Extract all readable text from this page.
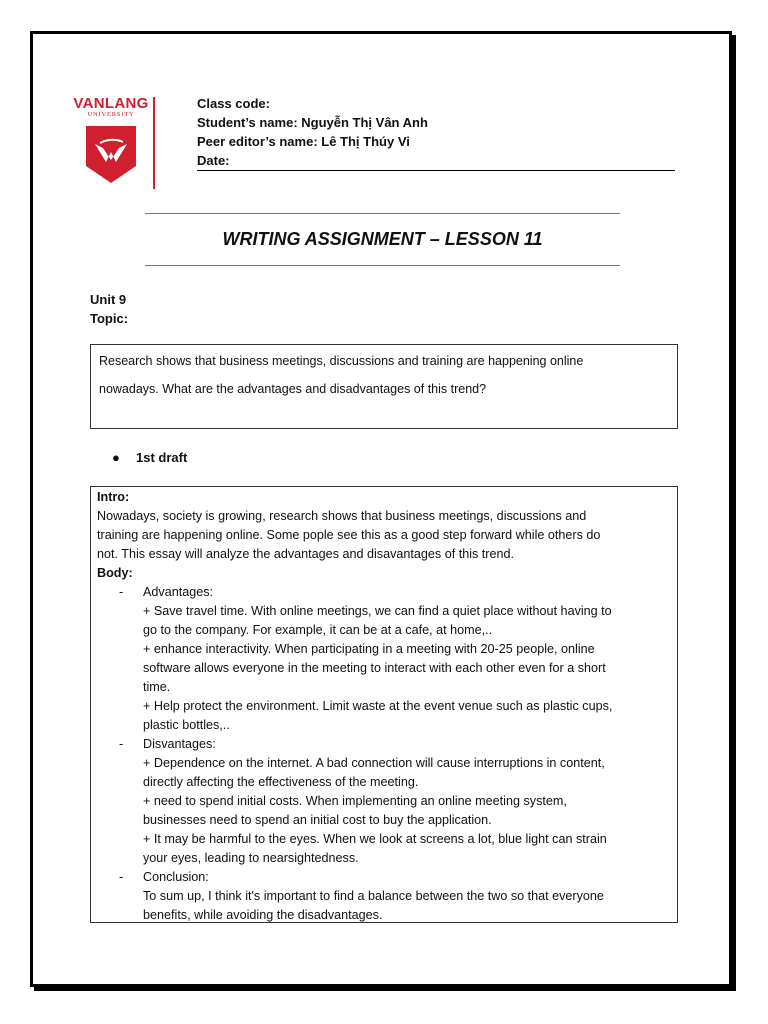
VANLANG
UNIVERSITY
Class code:
Student’s name: Nguyễn Thị Vân Anh
Peer editor’s name: Lê Thị Thúy Vi
Date:
WRITING ASSIGNMENT – LESSON 11
Unit 9
Topic:
Research shows that business meetings, discussions and training are happening online
nowadays. What are the advantages and disadvantages of this trend?
● 1st draft

Intro:

Nowadays, society is growing, research shows that business meetings, discussions and

training are happening online. Some pople see this as a good step forward while others do

not. This essay will analyze the advantages and disavantages of this trend.

Body:

- Advantages:
+ Save travel time. With online meetings, we can find a quiet place without having to
go to the company. For example, it can be at a cafe, at home,..
+ enhance interactivity. When participating in a meeting with 20-25 people, online
software allows everyone in the meeting to interact with each other even for a short
time.
+ Help protect the environment. Limit waste at the event venue such as plastic cups,
plastic bottles,..
- Disvantages:
+ Dependence on the internet. A bad connection will cause interruptions in content,
directly affecting the effectiveness of the meeting.
+ need to spend initial costs. When implementing an online meeting system,
businesses need to spend an initial cost to buy the application.
+ It may be harmful to the eyes. When we look at screens a lot, blue light can strain
your eyes, leading to nearsightedness.
- Conclusion:
To sum up, I think it's important to find a balance between the two so that everyone
benefits, while avoiding the disadvantages.
